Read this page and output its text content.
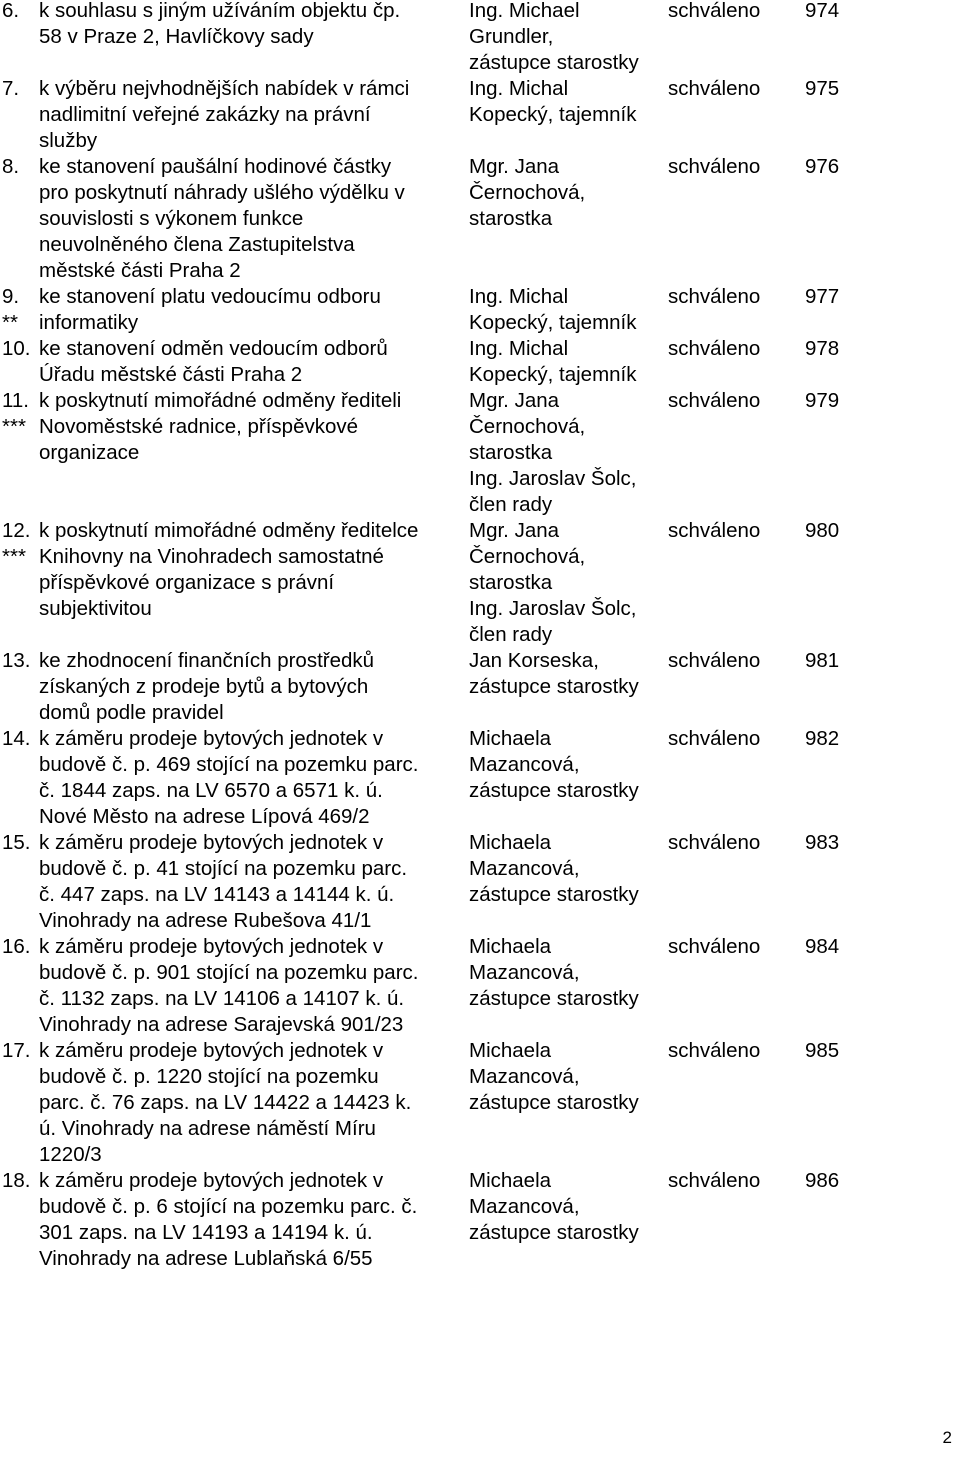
6. k souhlasu s jiným užíváním objektu čp.
58 v Praze 2, Havlíčkovy sady
Ing. Michael
Grundler,
zástupce starostky
schváleno 974
7. k výběru nejvhodnějších nabídek v rámci
nadlimitní veřejné zakázky na právní
služby
Ing. Michal
Kopecký, tajemník
schváleno 975
8. ke stanovení paušální hodinové částky
pro poskytnutí náhrady ušlého výdělku v
souvislosti s výkonem funkce
neuvolněného člena Zastupitelstva
městské části Praha 2
Mgr. Jana
Černochová,
starostka
schváleno 976
9.
**
ke stanovení platu vedoucímu odboru
informatiky
Ing. Michal
Kopecký, tajemník
schváleno 977
10. ke stanovení odměn vedoucím odborů
Úřadu městské části Praha 2
Ing. Michal
Kopecký, tajemník
schváleno 978
11.
***
k poskytnutí mimořádné odměny řediteli
Novoměstské radnice, příspěvkové
organizace
Mgr. Jana
Černochová,
starostka
Ing. Jaroslav Šolc,
člen rady
schváleno 979
12.
***
k poskytnutí mimořádné odměny ředitelce
Knihovny na Vinohradech samostatné
příspěvkové organizace s právní
subjektivitou
Mgr. Jana
Černochová,
starostka
Ing. Jaroslav Šolc,
člen rady
schváleno 980
13. ke zhodnocení finančních prostředků
získaných z prodeje bytů a bytových
domů podle pravidel
Jan Korseska,
zástupce starostky
schváleno 981
14. k záměru prodeje bytových jednotek v
budově č. p. 469 stojící na pozemku parc.
č. 1844 zaps. na LV 6570 a 6571 k. ú.
Nové Město na adrese Lípová 469/2
Michaela
Mazancová,
zástupce starostky
schváleno 982
15. k záměru prodeje bytových jednotek v
budově č. p. 41 stojící na pozemku parc.
č. 447 zaps. na LV 14143 a 14144 k. ú.
Vinohrady na adrese Rubešova 41/1
Michaela
Mazancová,
zástupce starostky
schváleno 983
16. k záměru prodeje bytových jednotek v
budově č. p. 901 stojící na pozemku parc.
č. 1132 zaps. na LV 14106 a 14107 k. ú.
Vinohrady na adrese Sarajevská 901/23
Michaela
Mazancová,
zástupce starostky
schváleno 984
17. k záměru prodeje bytových jednotek v
budově č. p. 1220 stojící na pozemku
parc. č. 76 zaps. na LV 14422 a 14423 k.
ú. Vinohrady na adrese náměstí Míru
1220/3
Michaela
Mazancová,
zástupce starostky
schváleno 985
18. k záměru prodeje bytových jednotek v
budově č. p. 6 stojící na pozemku parc. č.
301 zaps. na LV 14193 a 14194 k. ú.
Vinohrady na adrese Lublaňská 6/55
Michaela
Mazancová,
zástupce starostky
schváleno 986
2
